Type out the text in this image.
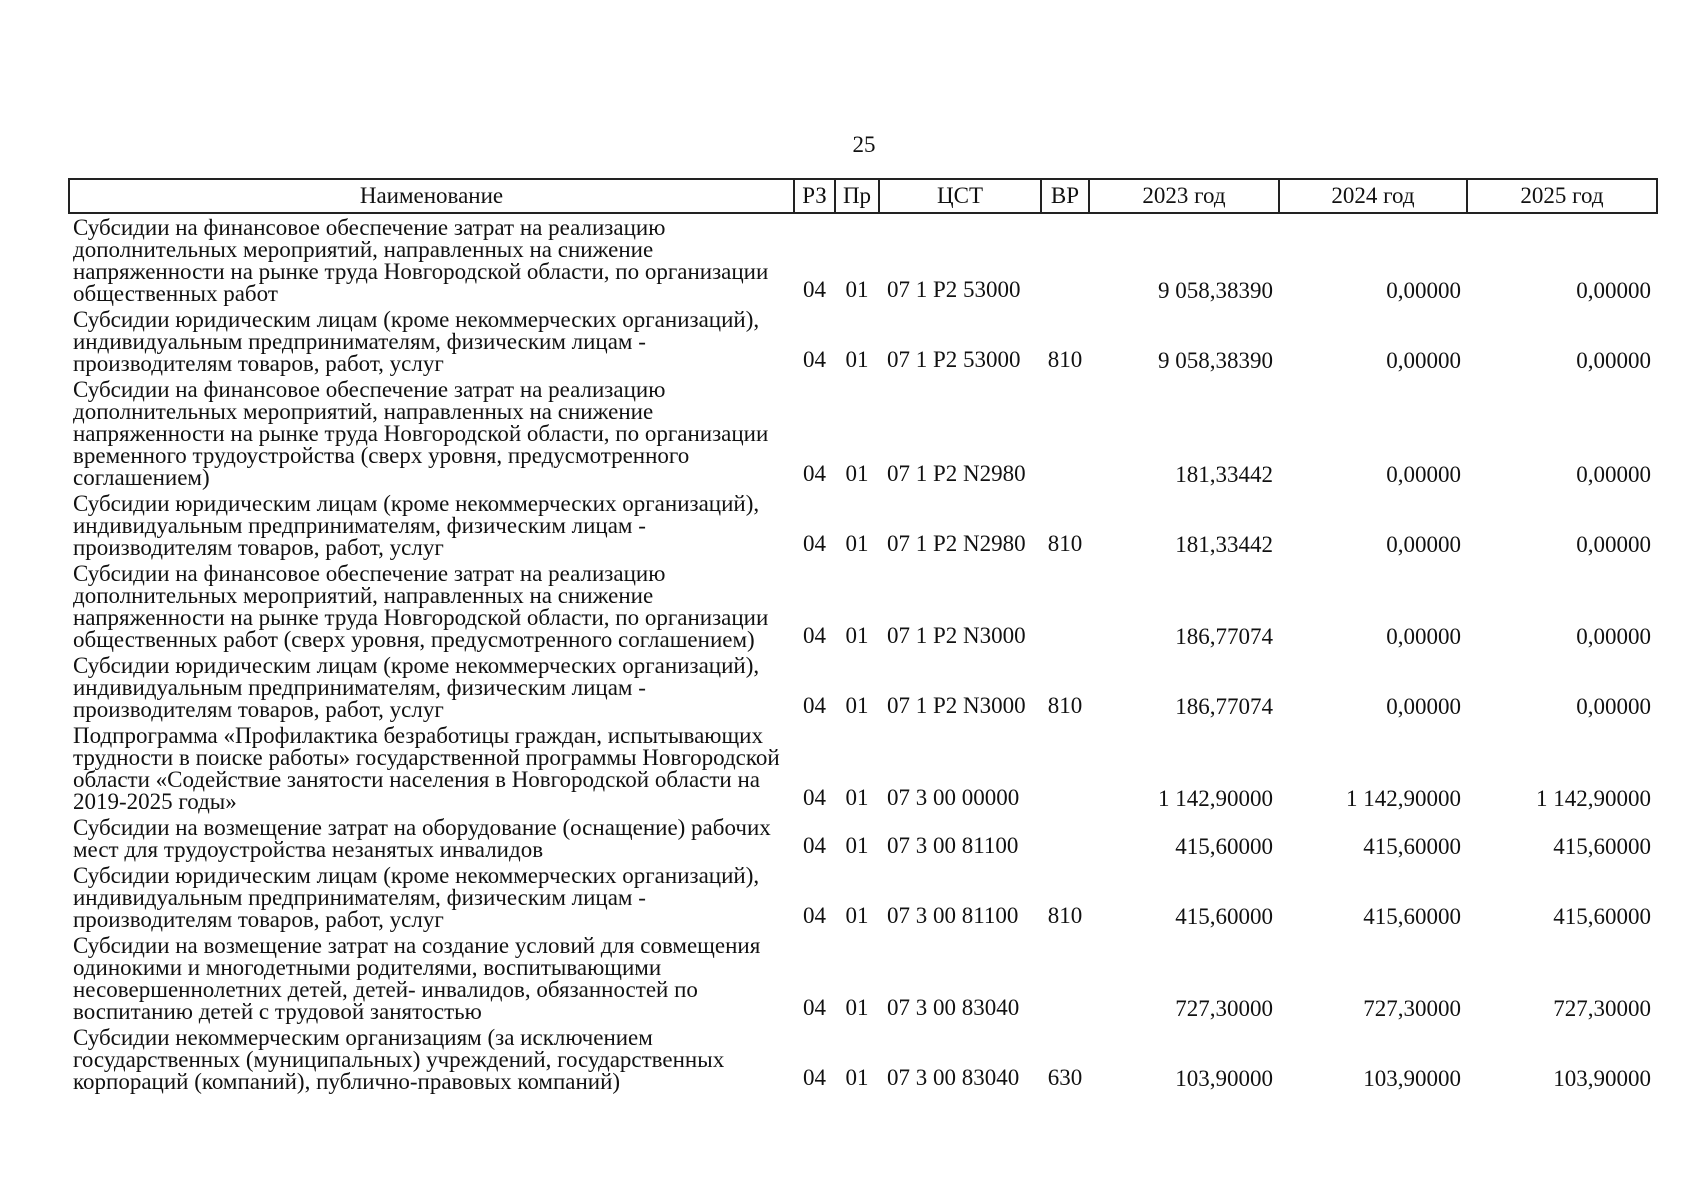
25
Наименование	РЗ	Пр	ЦСТ	ВР	2023 год	2024 год	2025 год
Субсидии на финансовое обеспечение затрат на реализацию дополнительных мероприятий, направленных на снижение напряженности на рынке труда Новгородской области, по организации общественных работ	04	01	07 1 Р2 53000		9 058,38390	0,00000	0,00000
Субсидии юридическим лицам (кроме некоммерческих организаций), индивидуальным предпринимателям, физическим лицам - производителям товаров, работ, услуг	04	01	07 1 Р2 53000	810	9 058,38390	0,00000	0,00000
Субсидии на финансовое обеспечение затрат на реализацию дополнительных мероприятий, направленных на снижение напряженности на рынке труда Новгородской области, по организации временного трудоустройства (сверх уровня, предусмотренного соглашением)	04	01	07 1 Р2 N2980		181,33442	0,00000	0,00000
Субсидии юридическим лицам (кроме некоммерческих организаций), индивидуальным предпринимателям, физическим лицам - производителям товаров, работ, услуг	04	01	07 1 Р2 N2980	810	181,33442	0,00000	0,00000
Субсидии на финансовое обеспечение затрат на реализацию дополнительных мероприятий, направленных на снижение напряженности на рынке труда Новгородской области, по организации общественных работ (сверх уровня, предусмотренного соглашением)	04	01	07 1 Р2 N3000		186,77074	0,00000	0,00000
Субсидии юридическим лицам (кроме некоммерческих организаций), индивидуальным предпринимателям, физическим лицам - производителям товаров, работ, услуг	04	01	07 1 Р2 N3000	810	186,77074	0,00000	0,00000
Подпрограмма «Профилактика безработицы граждан, испытывающих трудности в поиске работы» государственной программы Новгородской области «Содействие занятости населения в Новгородской области на 2019-2025 годы»	04	01	07 3 00 00000		1 142,90000	1 142,90000	1 142,90000
Субсидии на возмещение затрат на оборудование (оснащение) рабочих мест для трудоустройства незанятых инвалидов	04	01	07 3 00 81100		415,60000	415,60000	415,60000
Субсидии юридическим лицам (кроме некоммерческих организаций), индивидуальным предпринимателям, физическим лицам - производителям товаров, работ, услуг	04	01	07 3 00 81100	810	415,60000	415,60000	415,60000
Субсидии на возмещение затрат на создание условий для совмещения одинокими и многодетными родителями, воспитывающими несовершеннолетних детей, детей- инвалидов, обязанностей по воспитанию детей с трудовой занятостью	04	01	07 3 00 83040		727,30000	727,30000	727,30000
Субсидии некоммерческим организациям (за исключением государственных (муниципальных) учреждений, государственных корпораций (компаний), публично-правовых компаний)	04	01	07 3 00 83040	630	103,90000	103,90000	103,90000
